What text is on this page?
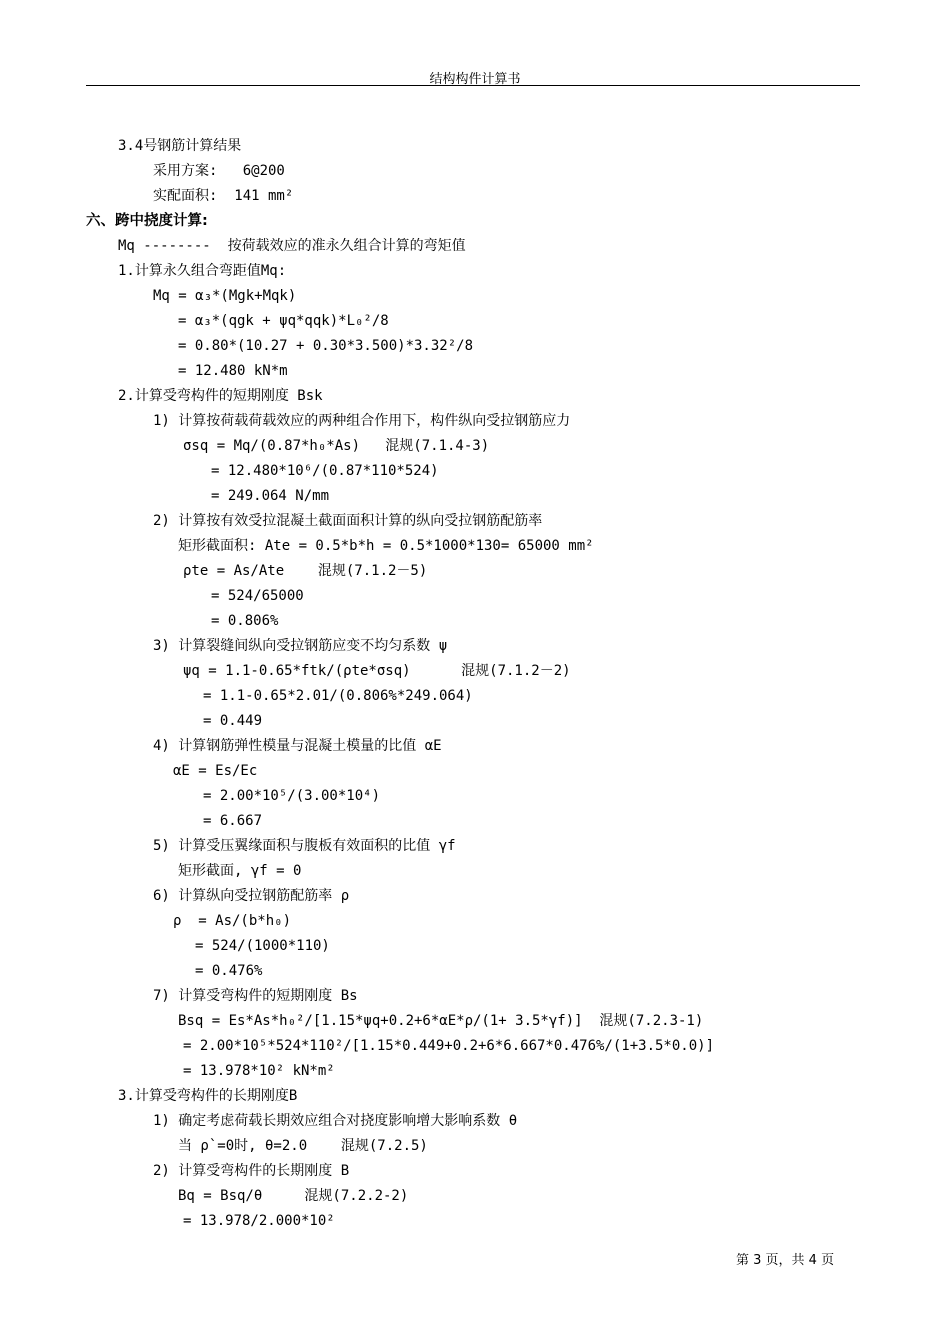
结构构件计算书
3.4号钢筋计算结果
采用方案:   6@200
实配面积:  141 mm²
六、跨中挠度计算:
Mq --------  按荷载效应的准永久组合计算的弯矩值
1.计算永久组合弯距值Mq:
Mq = α₃*(Mgk+Mqk)
= α₃*(qgk + ψq*qqk)*L₀²/8
= 0.80*(10.27 + 0.30*3.500)*3.32²/8
= 12.480 kN*m
2.计算受弯构件的短期刚度 Bsk
1) 计算按荷载荷载效应的两种组合作用下，构件纵向受拉钢筋应力
σsq = Mq/(0.87*h₀*As)   混规(7.1.4-3)
= 12.480*10⁶/(0.87*110*524)
= 249.064 N/mm
2) 计算按有效受拉混凝土截面面积计算的纵向受拉钢筋配筋率
矩形截面积: Ate = 0.5*b*h = 0.5*1000*130= 65000 mm²
ρte = As/Ate    混规(7.1.2－5)
= 524/65000
= 0.806%
3) 计算裂缝间纵向受拉钢筋应变不均匀系数 ψ
ψq = 1.1-0.65*ftk/(ρte*σsq)      混规(7.1.2－2)
= 1.1-0.65*2.01/(0.806%*249.064)
= 0.449
4) 计算钢筋弹性模量与混凝土模量的比值 αE
αE = Es/Ec
= 2.00*10⁵/(3.00*10⁴)
= 6.667
5) 计算受压翼缘面积与腹板有效面积的比值 γf
矩形截面, γf = 0
6) 计算纵向受拉钢筋配筋率 ρ
ρ  = As/(b*h₀)
= 524/(1000*110)
= 0.476%
7) 计算受弯构件的短期刚度 Bs
Bsq = Es*As*h₀²/[1.15*ψq+0.2+6*αE*ρ/(1+ 3.5*γf)]  混规(7.2.3-1)
= 2.00*10⁵*524*110²/[1.15*0.449+0.2+6*6.667*0.476%/(1+3.5*0.0)]
= 13.978*10² kN*m²
3.计算受弯构件的长期刚度B
1) 确定考虑荷载长期效应组合对挠度影响增大影响系数 θ
当 ρ`=0时, θ=2.0    混规(7.2.5)
2) 计算受弯构件的长期刚度 B
Bq = Bsq/θ     混规(7.2.2-2)
= 13.978/2.000*10²
第 3 页，共 4 页
